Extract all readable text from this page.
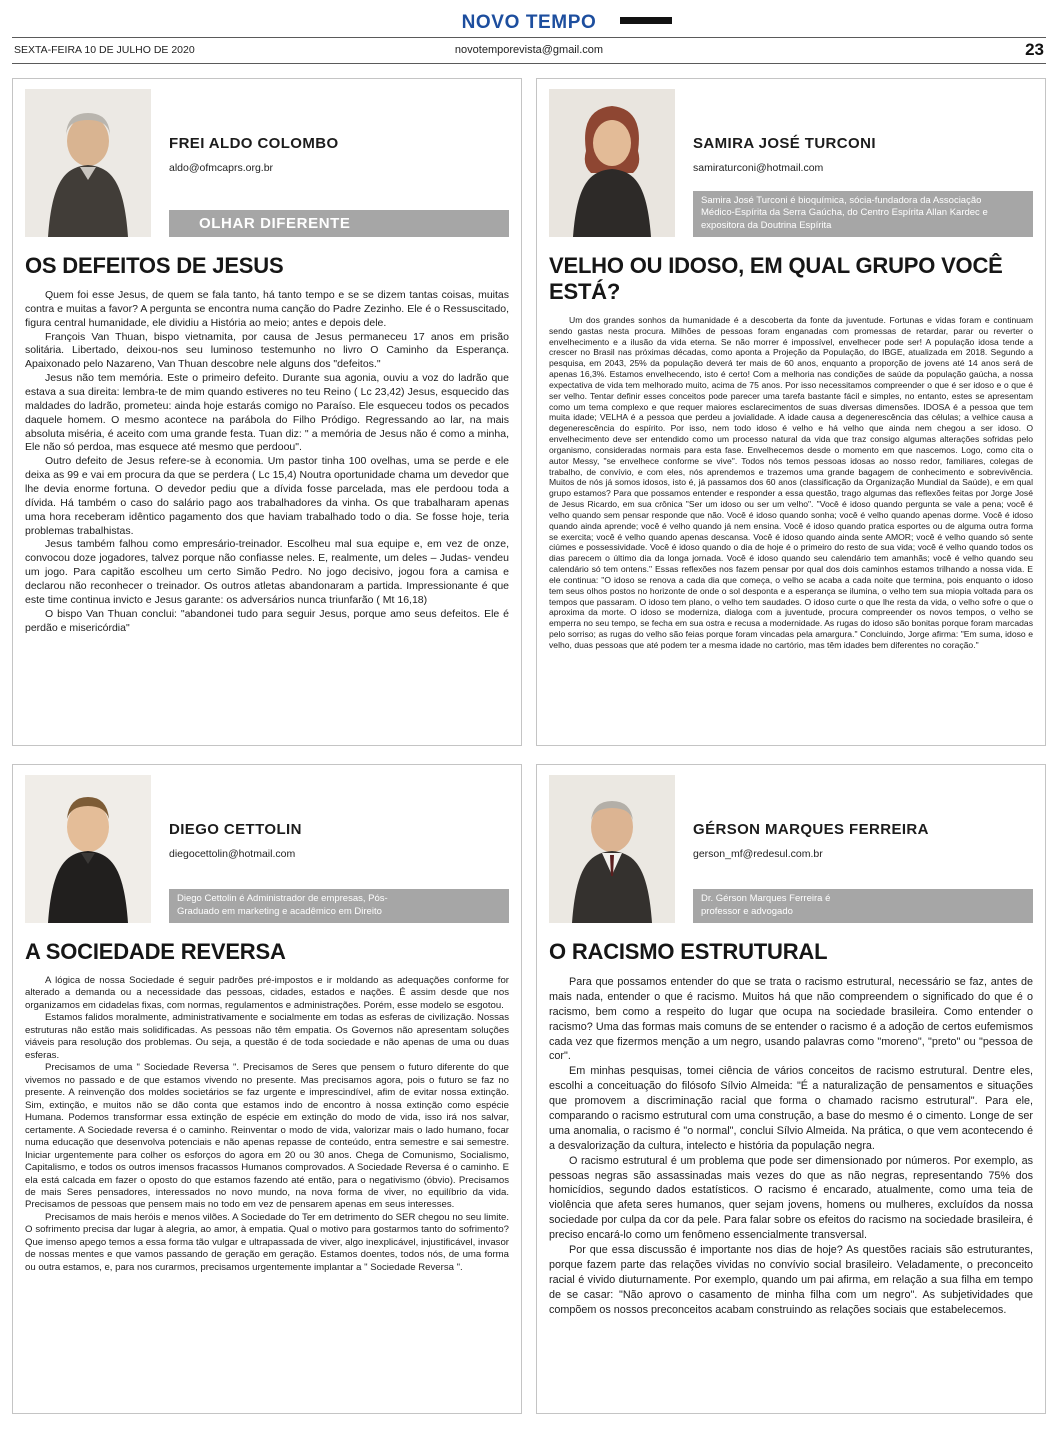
NOVO TEMPO
SEXTA-FEIRA 10 DE JULHO DE 2020	novotemporevista@gmail.com	23
FREI ALDO COLOMBO
aldo@ofmcaprs.org.br
OLHAR DIFERENTE
OS DEFEITOS DE JESUS

Quem foi esse Jesus, de quem se fala tanto, há tanto tempo e se se dizem tantas coisas, muitas contra e muitas a favor? A pergunta se encontra numa canção do Padre Zezinho. Ele é o Ressuscitado, figura central humanidade, ele dividiu a História ao meio; antes e depois dele.

François Van Thuan, bispo vietnamita, por causa de Jesus permaneceu 17 anos em prisão solitária. Libertado, deixou-nos seu luminoso testemunho no livro O Caminho da Esperança. Apaixonado pelo Nazareno, Van Thuan descobre nele alguns dos "defeitos."

Jesus não tem memória. Este o primeiro defeito. Durante sua agonia, ouviu a voz do ladrão que estava a sua direita: lembra-te de mim quando estiveres no teu Reino ( Lc 23,42) Jesus, esquecido das maldades do ladrão, prometeu: ainda hoje estarás comigo no Paraíso. Ele esqueceu todos os pecados daquele homem. O mesmo acontece na parábola do Filho Pródigo. Regressando ao lar, na mais absoluta miséria, é aceito com uma grande festa. Tuan diz: " a memória de Jesus não é como a minha, Ele não só perdoa, mas esquece até mesmo que perdoou".

Outro defeito de Jesus refere-se à economia. Um pastor tinha 100 ovelhas, uma se perde e ele deixa as 99 e vai em procura da que se perdera ( Lc 15,4) Noutra oportunidade chama um devedor que lhe devia enorme fortuna. O devedor pediu que a dívida fosse parcelada, mas ele perdoou toda a dívida. Há também o caso do salário pago aos trabalhadores da vinha. Os que trabalharam apenas uma hora receberam idêntico pagamento dos que haviam trabalhado todo o dia. Se fosse hoje, teria problemas trabalhistas.

Jesus também falhou como empresário-treinador. Escolheu mal sua equipe e, em vez de onze, convocou doze jogadores, talvez porque não confiasse neles. E, realmente, um deles – Judas- vendeu um jogo. Para capitão escolheu um certo Simão Pedro. No jogo decisivo, jogou fora a camisa e declarou não reconhecer o treinador. Os outros atletas abandonaram a partida. Impressionante é que este time continua invicto e Jesus garante: os adversários nunca triunfarão ( Mt 16,18)

O bispo Van Thuan conclui: "abandonei tudo para seguir Jesus, porque amo seus defeitos. Ele é perdão e misericórdia"

SAMIRA JOSÉ TURCONI
samiraturconi@hotmail.com
Samira José Turconi é bioquímica, sócia-fundadora da Associação Médico-Espírita da Serra Gaúcha, do Centro Espírita Allan Kardec e expositora da Doutrina Espírita
VELHO OU IDOSO, EM QUAL GRUPO VOCÊ ESTÁ?

Um dos grandes sonhos da humanidade é a descoberta da fonte da juventude. Fortunas e vidas foram e continuam sendo gastas nesta procura. Milhões de pessoas foram enganadas com promessas de retardar, parar ou reverter o envelhecimento e a ilusão da vida eterna. Se não morrer é impossível, envelhecer pode ser! A população idosa tende a crescer no Brasil nas próximas décadas, como aponta a Projeção da População, do IBGE, atualizada em 2018. Segundo a pesquisa, em 2043, 25% da população deverá ter mais de 60 anos, enquanto a proporção de jovens até 14 anos será de apenas 16,3%. Estamos envelhecendo, isto é certo! Com a melhoria nas condições de saúde da população gaúcha, a nossa expectativa de vida tem melhorado muito, acima de 75 anos. Por isso necessitamos compreender o que é ser idoso e o que é ser velho. Tentar definir esses conceitos pode parecer uma tarefa bastante fácil e simples, no entanto, estes se apresentam como um tema complexo e que requer maiores esclarecimentos de suas diversas dimensões. IDOSA é a pessoa que tem muita idade; VELHA é a pessoa que perdeu a jovialidade. A idade causa a degenerescência das células; a velhice causa a degenerescência do espírito. Por isso, nem todo idoso é velho e há velho que ainda nem chegou a ser idoso. O envelhecimento deve ser entendido como um processo natural da vida que traz consigo algumas alterações sofridas pelo organismo, consideradas normais para esta fase. Envelhecemos desde o momento em que nascemos. Logo, como cita o autor Messy, "se envelhece conforme se vive". Todos nós temos pessoas idosas ao nosso redor, familiares, colegas de trabalho, de convívio, e com eles, nós aprendemos e trazemos uma grande bagagem de conhecimento e sobrevivência. Muitos de nós já somos idosos, isto é, já passamos dos 60 anos (classificação da Organização Mundial da Saúde), e em qual grupo estamos? Para que possamos entender e responder a essa questão, trago algumas das reflexões feitas por Jorge José de Jesus Ricardo, em sua crônica "Ser um idoso ou ser um velho". "Você é idoso quando pergunta se vale a pena; você é velho quando sem pensar responde que não. Você é idoso quando sonha; você é velho quando apenas dorme. Você é idoso quando ainda aprende; você é velho quando já nem ensina. Você é idoso quando pratica esportes ou de alguma outra forma se exercita; você é velho quando apenas descansa. Você é idoso quando ainda sente AMOR; você é velho quando só sente ciúmes e possessividade. Você é idoso quando o dia de hoje é o primeiro do resto de sua vida; você é velho quando todos os dias parecem o último dia da longa jornada. Você é idoso quando seu calendário tem amanhãs; você é velho quando seu calendário só tem ontens." Essas reflexões nos fazem pensar por qual dos dois caminhos estamos trilhando a nossa vida. E ele continua: "O idoso se renova a cada dia que começa, o velho se acaba a cada noite que termina, pois enquanto o idoso tem seus olhos postos no horizonte de onde o sol desponta e a esperança se ilumina, o velho tem sua miopia voltada para os tempos que passaram. O idoso tem plano, o velho tem saudades. O idoso curte o que lhe resta da vida, o velho sofre o que o aproxima da morte. O idoso se moderniza, dialoga com a juventude, procura compreender os novos tempos, o velho se emperra no seu tempo, se fecha em sua ostra e recusa a modernidade. As rugas do idoso são bonitas porque foram marcadas pelo sorriso; as rugas do velho são feias porque foram vincadas pela amargura." Concluindo, Jorge afirma: "Em suma, idoso e velho, duas pessoas que até podem ter a mesma idade no cartório, mas têm idades bem diferentes no coração."

DIEGO CETTOLIN
diegocettolin@hotmail.com
Diego Cettolin é Administrador de empresas, Pós-Graduado em marketing e acadêmico em Direito
A SOCIEDADE REVERSA

A lógica de nossa Sociedade é seguir padrões pré-impostos e ir moldando as adequações conforme for alterado a demanda ou a necessidade das pessoas, cidades, estados e nações. É assim desde que nos organizamos em cidadelas fixas, com normas, regulamentos e administrações. Porém, esse modelo se esgotou.

Estamos falidos moralmente, administrativamente e socialmente em todas as esferas de civilização. Nossas estruturas não estão mais solidificadas. As pessoas não têm empatia. Os Governos não apresentam soluções viáveis para resolução dos problemas. Ou seja, a questão é de toda sociedade e não apenas de uma ou duas esferas.

Precisamos de uma " Sociedade Reversa ". Precisamos de Seres que pensem o futuro diferente do que vivemos no passado e de que estamos vivendo no presente. Mas precisamos agora, pois o futuro se faz no presente. A reinvenção dos moldes societários se faz urgente e imprescindível, afim de evitar nossa extinção. Sim, extinção, e muitos não se dão conta que estamos indo de encontro à nossa extinção como espécie Humana. Podemos transformar essa extinção de espécie em extinção do modo de vida, isso irá nos salvar, certamente. A Sociedade reversa é o caminho. Reinventar o modo de vida, valorizar mais o lado humano, focar numa educação que desenvolva potenciais e não apenas repasse de conteúdo, entra semestre e sai semestre. Iniciar urgentemente para colher os esforços do agora em 20 ou 30 anos. Chega de Comunismo, Socialismo, Capitalismo, e todos os outros imensos fracassos Humanos comprovados. A Sociedade Reversa é o caminho. E ela está calcada em fazer o oposto do que estamos fazendo até então, para o negativismo (óbvio). Precisamos de mais Seres pensadores, interessados no novo mundo, na nova forma de viver, no equilíbrio da vida. Precisamos de pessoas que pensem mais no todo em vez de pensarem apenas em seus interesses.

Precisamos de mais heróis e menos vilões. A Sociedade do Ter em detrimento do SER chegou no seu limite. O sofrimento precisa dar lugar à alegria, ao amor, à empatia. Qual o motivo para gostarmos tanto do sofrimento? Que imenso apego temos a essa forma tão vulgar e ultrapassada de viver, algo inexplicável, injustificável, invasor de nossas mentes e que vamos passando de geração em geração. Estamos doentes, todos nós, de uma forma ou outra estamos, e, para nos curarmos, precisamos urgentemente implantar a " Sociedade Reversa ".

GÉRSON MARQUES FERREIRA
gerson_mf@redesul.com.br
Dr. Gérson Marques Ferreira é professor e advogado
O RACISMO ESTRUTURAL

Para que possamos entender do que se trata o racismo estrutural, necessário se faz, antes de mais nada, entender o que é racismo. Muitos há que não compreendem o significado do que é o racismo, bem como a respeito do lugar que ocupa na sociedade brasileira. Como entender o racismo? Uma das formas mais comuns de se entender o racismo é a adoção de certos eufemismos cada vez que fizermos menção a um negro, usando palavras como "moreno", "preto" ou "pessoa de cor".

Em minhas pesquisas, tomei ciência de vários conceitos de racismo estrutural. Dentre eles, escolhi a conceituação do filósofo Sílvio Almeida: "É a naturalização de pensamentos e situações que promovem a discriminação racial que forma o chamado racismo estrutural". Para ele, comparando o racismo estrutural com uma construção, a base do mesmo é o cimento. Longe de ser uma anomalia, o racismo é "o normal", conclui Sílvio Almeida. Na prática, o que vem acontecendo é a desvalorização da cultura, intelecto e história da população negra.

O racismo estrutural é um problema que pode ser dimensionado por números. Por exemplo, as pessoas negras são assassinadas mais vezes do que as não negras, representando 75% dos homicídios, segundo dados estatísticos. O racismo é encarado, atualmente, como uma teia de violência que afeta seres humanos, quer sejam jovens, homens ou mulheres, excluídos da nossa sociedade por culpa da cor da pele. Para falar sobre os efeitos do racismo na sociedade brasileira, é preciso encará-lo como um fenômeno essencialmente transversal.

Por que essa discussão é importante nos dias de hoje? As questões raciais são estruturantes, porque fazem parte das relações vividas no convívio social brasileiro. Veladamente, o preconceito racial é vivido diuturnamente. Por exemplo, quando um pai afirma, em relação a sua filha em tempo de se casar: "Não aprovo o casamento de minha filha com um negro". As subjetividades que compõem os nossos preconceitos acabam construindo as relações sociais que estabelecemos.
